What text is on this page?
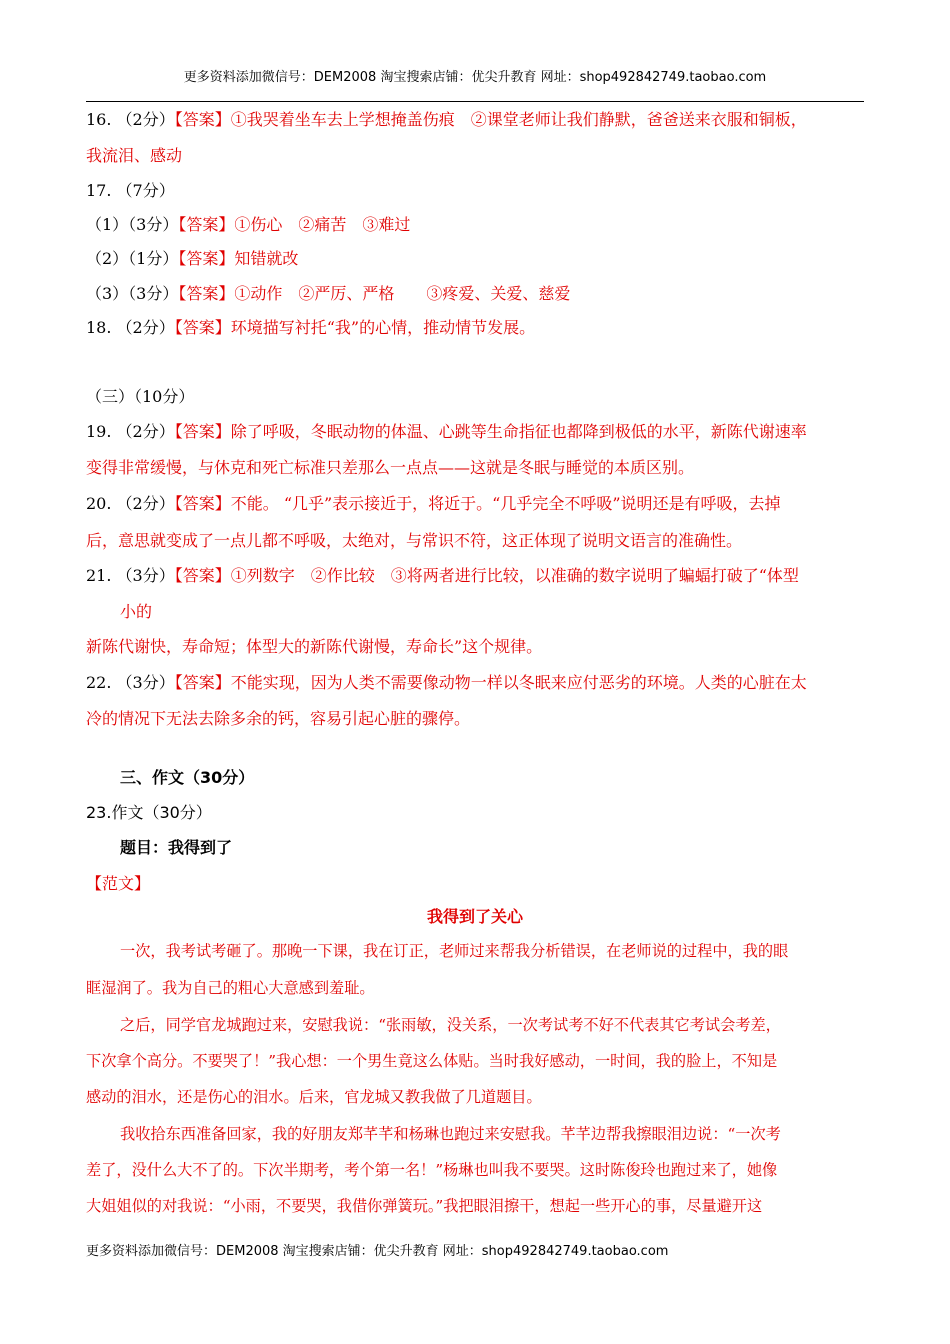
更多资料添加微信号：DEM2008 淘宝搜索店铺：优尖升教育 网址：shop492842749.taobao.com
16. （2分）【答案】①我哭着坐车去上学想掩盖伤痕　②课堂老师让我们静默，爸爸送来衣服和铜板，
我流泪、感动
17. （7分）
（1）（3分）【答案】①伤心　②痛苦　③难过
（2）（1分）【答案】知错就改
（3）（3分）【答案】①动作　②严厉、严格　　③疼爱、关爱、慈爱
18. （2分）【答案】环境描写衬托“我”的心情，推动情节发展。
（三）（10分）
19. （2分）【答案】除了呼吸，冬眠动物的体温、心跳等生命指征也都降到极低的水平，新陈代谢速率
变得非常缓慢，与休克和死亡标准只差那么一点点——这就是冬眠与睡觉的本质区别。
20. （2分）【答案】不能。 “几乎”表示接近于，将近于。“几乎完全不呼吸”说明还是有呼吸，去掉
后，意思就变成了一点儿都不呼吸，太绝对，与常识不符，这正体现了说明文语言的准确性。
21. （3分）【答案】①列数字　②作比较　③将两者进行比较，以准确的数字说明了蝙蝠打破了“体型
小的
新陈代谢快，寿命短；体型大的新陈代谢慢，寿命长”这个规律。
22. （3分）【答案】不能实现，因为人类不需要像动物一样以冬眠来应付恶劣的环境。人类的心脏在太
冷的情况下无法去除多余的钙，容易引起心脏的骤停。
三、作文（30分）
23.作文（30分）
题目：我得到了
【范文】
我得到了关心
一次，我考试考砸了。那晚一下课，我在订正，老师过来帮我分析错误，在老师说的过程中，我的眼
眶湿润了。我为自己的粗心大意感到羞耻。
之后，同学官龙城跑过来，安慰我说：“张雨敏，没关系，一次考试考不好不代表其它考试会考差，
下次拿个高分。不要哭了！”我心想：一个男生竟这么体贴。当时我好感动，一时间，我的脸上，不知是
感动的泪水，还是伤心的泪水。后来，官龙城又教我做了几道题目。
我收拾东西准备回家，我的好朋友郑芊芊和杨琳也跑过来安慰我。芊芊边帮我擦眼泪边说：“一次考
差了，没什么大不了的。下次半期考，考个第一名！”杨琳也叫我不要哭。这时陈俊玲也跑过来了，她像
大姐姐似的对我说：“小雨，不要哭，我借你弹簧玩。”我把眼泪擦干，想起一些开心的事，尽量避开这
更多资料添加微信号：DEM2008 淘宝搜索店铺：优尖升教育 网址：shop492842749.taobao.com
